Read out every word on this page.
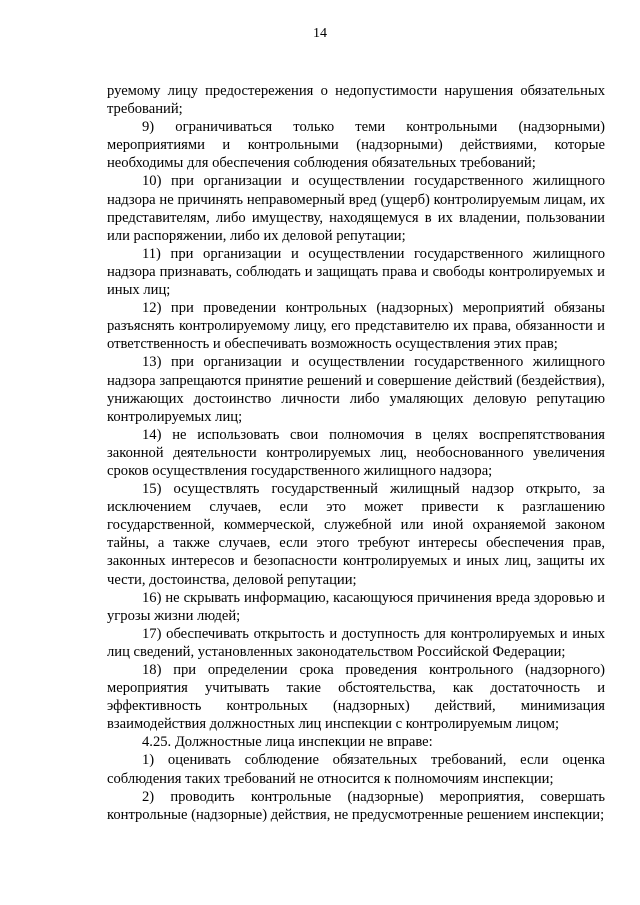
14

руемому лицу предостережения о недопустимости нарушения обязательных требований;

9) ограничиваться только теми контрольными (надзорными) мероприятиями и контрольными (надзорными) действиями, которые необходимы для обеспечения соблюдения обязательных требований;

10) при организации и осуществлении государственного жилищного надзора не причинять неправомерный вред (ущерб) контролируемым лицам, их представителям, либо имуществу, находящемуся в их владении, пользовании или распоряжении, либо их деловой репутации;

11) при организации и осуществлении государственного жилищного надзора признавать, соблюдать и защищать права и свободы контролируемых и иных лиц;

12) при проведении контрольных (надзорных) мероприятий обязаны разъяснять контролируемому лицу, его представителю их права, обязанности и ответственность и обеспечивать возможность осуществления этих прав;

13) при организации и осуществлении государственного жилищного надзора запрещаются принятие решений и совершение действий (бездействия), унижающих достоинство личности либо умаляющих деловую репутацию контролируемых лиц;

14) не использовать свои полномочия в целях воспрепятствования законной деятельности контролируемых лиц, необоснованного увеличения сроков осуществления государственного жилищного надзора;

15) осуществлять государственный жилищный надзор открыто, за исключением случаев, если это может привести к разглашению государственной, коммерческой, служебной или иной охраняемой законом тайны, а также случаев, если этого требуют интересы обеспечения прав, законных интересов и безопасности контролируемых и иных лиц, защиты их чести, достоинства, деловой репутации;

16) не скрывать информацию, касающуюся причинения вреда здоровью и угрозы жизни людей;

17) обеспечивать открытость и доступность для контролируемых и иных лиц сведений, установленных законодательством Российской Федерации;

18) при определении срока проведения контрольного (надзорного) мероприятия учитывать такие обстоятельства, как достаточность и эффективность контрольных (надзорных) действий, минимизация взаимодействия должностных лиц инспекции с контролируемым лицом;

4.25. Должностные лица инспекции не вправе:

1) оценивать соблюдение обязательных требований, если оценка соблюдения таких требований не относится к полномочиям инспекции;

2) проводить контрольные (надзорные) мероприятия, совершать контрольные (надзорные) действия, не предусмотренные решением инспекции;
